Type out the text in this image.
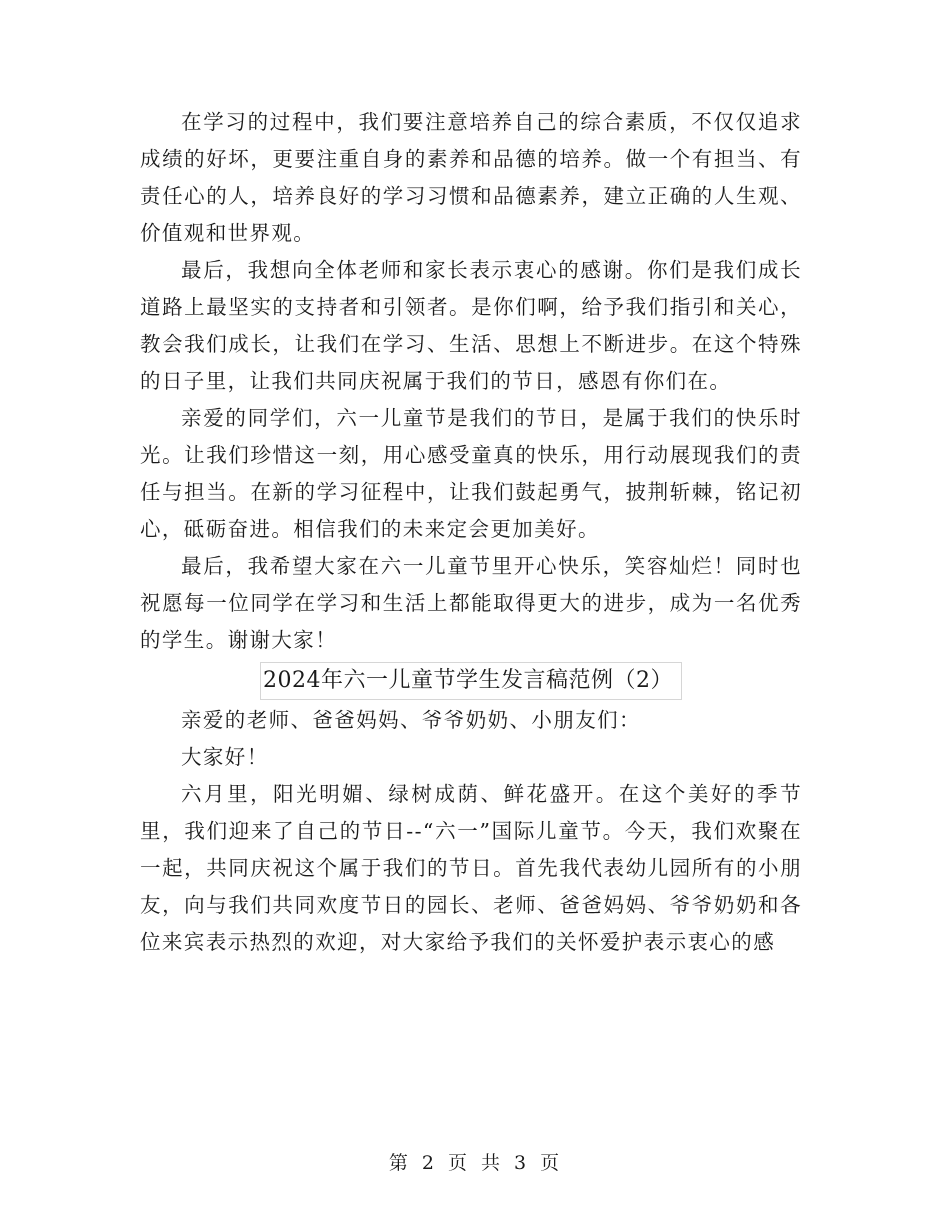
在学习的过程中，我们要注意培养自己的综合素质，不仅仅追求成绩的好坏，更要注重自身的素养和品德的培养。做一个有担当、有责任心的人，培养良好的学习习惯和品德素养，建立正确的人生观、价值观和世界观。

最后，我想向全体老师和家长表示衷心的感谢。你们是我们成长道路上最坚实的支持者和引领者。是你们啊，给予我们指引和关心，教会我们成长，让我们在学习、生活、思想上不断进步。在这个特殊的日子里，让我们共同庆祝属于我们的节日，感恩有你们在。

亲爱的同学们，六一儿童节是我们的节日，是属于我们的快乐时光。让我们珍惜这一刻，用心感受童真的快乐，用行动展现我们的责任与担当。在新的学习征程中，让我们鼓起勇气，披荆斩棘，铭记初心，砥砺奋进。相信我们的未来定会更加美好。

最后，我希望大家在六一儿童节里开心快乐，笑容灿烂！同时也祝愿每一位同学在学习和生活上都能取得更大的进步，成为一名优秀的学生。谢谢大家！

2024年六一儿童节学生发言稿范例（2）

亲爱的老师、爸爸妈妈、爷爷奶奶、小朋友们：

大家好！

六月里，阳光明媚、绿树成荫、鲜花盛开。在这个美好的季节里，我们迎来了自己的节日--“六一”国际儿童节。今天，我们欢聚在一起，共同庆祝这个属于我们的节日。首先我代表幼儿园所有的小朋友，向与我们共同欢度节日的园长、老师、爸爸妈妈、爷爷奶奶和各位来宾表示热烈的欢迎，对大家给予我们的关怀爱护表示衷心的感

第 2 页 共 3 页
